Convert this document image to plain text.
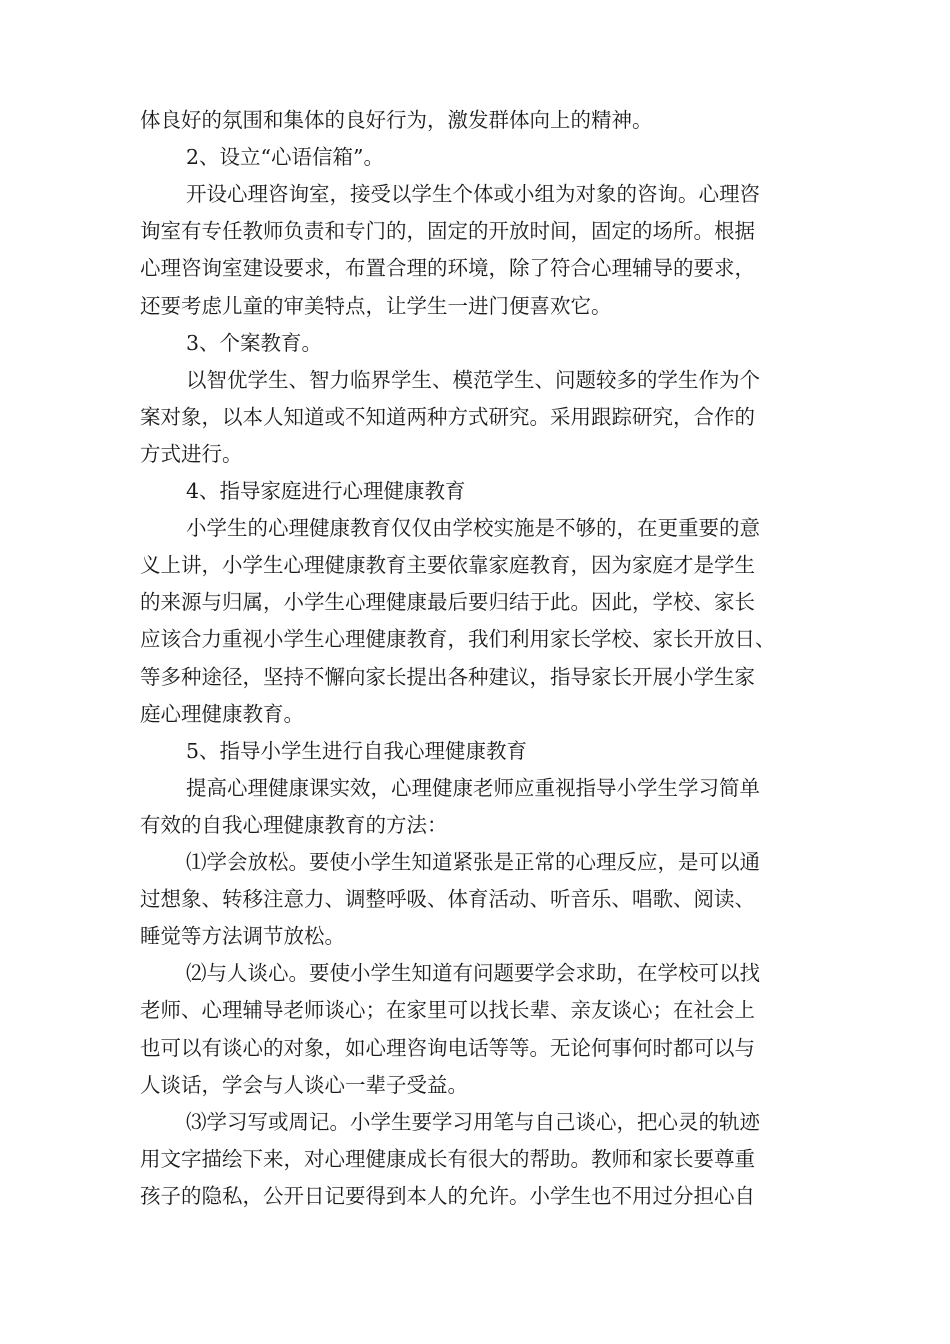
体良好的氛围和集体的良好行为，激发群体向上的精神。
2、设立“心语信箱”。
开设心理咨询室，接受以学生个体或小组为对象的咨询。心理咨
询室有专任教师负责和专门的，固定的开放时间，固定的场所。根据
心理咨询室建设要求，布置合理的环境，除了符合心理辅导的要求，
还要考虑儿童的审美特点，让学生一进门便喜欢它。
3、个案教育。
以智优学生、智力临界学生、模范学生、问题较多的学生作为个
案对象，以本人知道或不知道两种方式研究。采用跟踪研究，合作的
方式进行。
4、指导家庭进行心理健康教育
小学生的心理健康教育仅仅由学校实施是不够的，在更重要的意
义上讲，小学生心理健康教育主要依靠家庭教育，因为家庭才是学生
的来源与归属，小学生心理健康最后要归结于此。因此，学校、家长
应该合力重视小学生心理健康教育，我们利用家长学校、家长开放日、
等多种途径，坚持不懈向家长提出各种建议，指导家长开展小学生家
庭心理健康教育。
5、指导小学生进行自我心理健康教育
提高心理健康课实效，心理健康老师应重视指导小学生学习简单
有效的自我心理健康教育的方法：
⑴学会放松。要使小学生知道紧张是正常的心理反应，是可以通
过想象、转移注意力、调整呼吸、体育活动、听音乐、唱歌、阅读、
睡觉等方法调节放松。
⑵与人谈心。要使小学生知道有问题要学会求助，在学校可以找
老师、心理辅导老师谈心；在家里可以找长辈、亲友谈心；在社会上
也可以有谈心的对象，如心理咨询电话等等。无论何事何时都可以与
人谈话，学会与人谈心一辈子受益。
⑶学习写或周记。小学生要学习用笔与自己谈心，把心灵的轨迹
用文字描绘下来，对心理健康成长有很大的帮助。教师和家长要尊重
孩子的隐私，公开日记要得到本人的允许。小学生也不用过分担心自
